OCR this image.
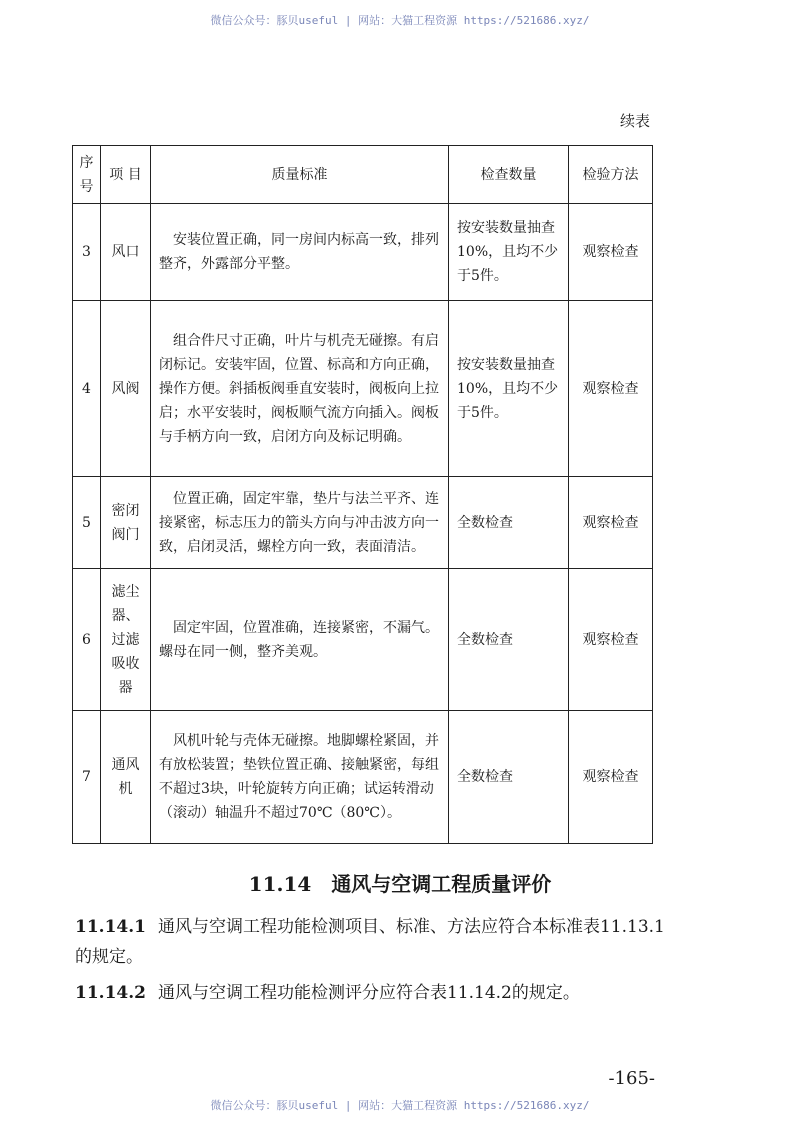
微信公众号：豚贝useful | 网站：大猫工程资源 https://521686.xyz/
续表
序 号	项 目	质量标准	检查数量	检验方法
3	风口	　安装位置正确，同一房间内标高一致，排列整齐，外露部分平整。	按安装数量抽查10%，且均不少于5件。	观察检查
4	风阀	　组合件尺寸正确，叶片与机壳无碰擦。有启闭标记。安装牢固，位置、标高和方向正确，操作方便。斜插板阀垂直安装时，阀板向上拉启；水平安装时，阀板顺气流方向插入。阀板与手柄方向一致，启闭方向及标记明确。	按安装数量抽查10%，且均不少于5件。	观察检查
5	密闭
阀门	　位置正确，固定牢靠，垫片与法兰平齐、连接紧密，标志压力的箭头方向与冲击波方向一致，启闭灵活，螺栓方向一致，表面清洁。	全数检查	观察检查
6	滤尘
器、
过滤
吸收
器	　固定牢固，位置准确，连接紧密，不漏气。螺母在同一侧，整齐美观。	全数检查	观察检查
7	通风
机	　风机叶轮与壳体无碰擦。地脚螺栓紧固，并有放松装置；垫铁位置正确、接触紧密，每组不超过3块，叶轮旋转方向正确；试运转滑动（滚动）轴温升不超过70℃（80℃）。	全数检查	观察检查
11.14　 通风与空调工程质量评价
11.14.1 通风与空调工程功能检测项目、标准、方法应符合本标准表11.13.1的规定。
11.14.2 通风与空调工程功能检测评分应符合表11.14.2的规定。
-165-
微信公众号：豚贝useful | 网站：大猫工程资源 https://521686.xyz/
